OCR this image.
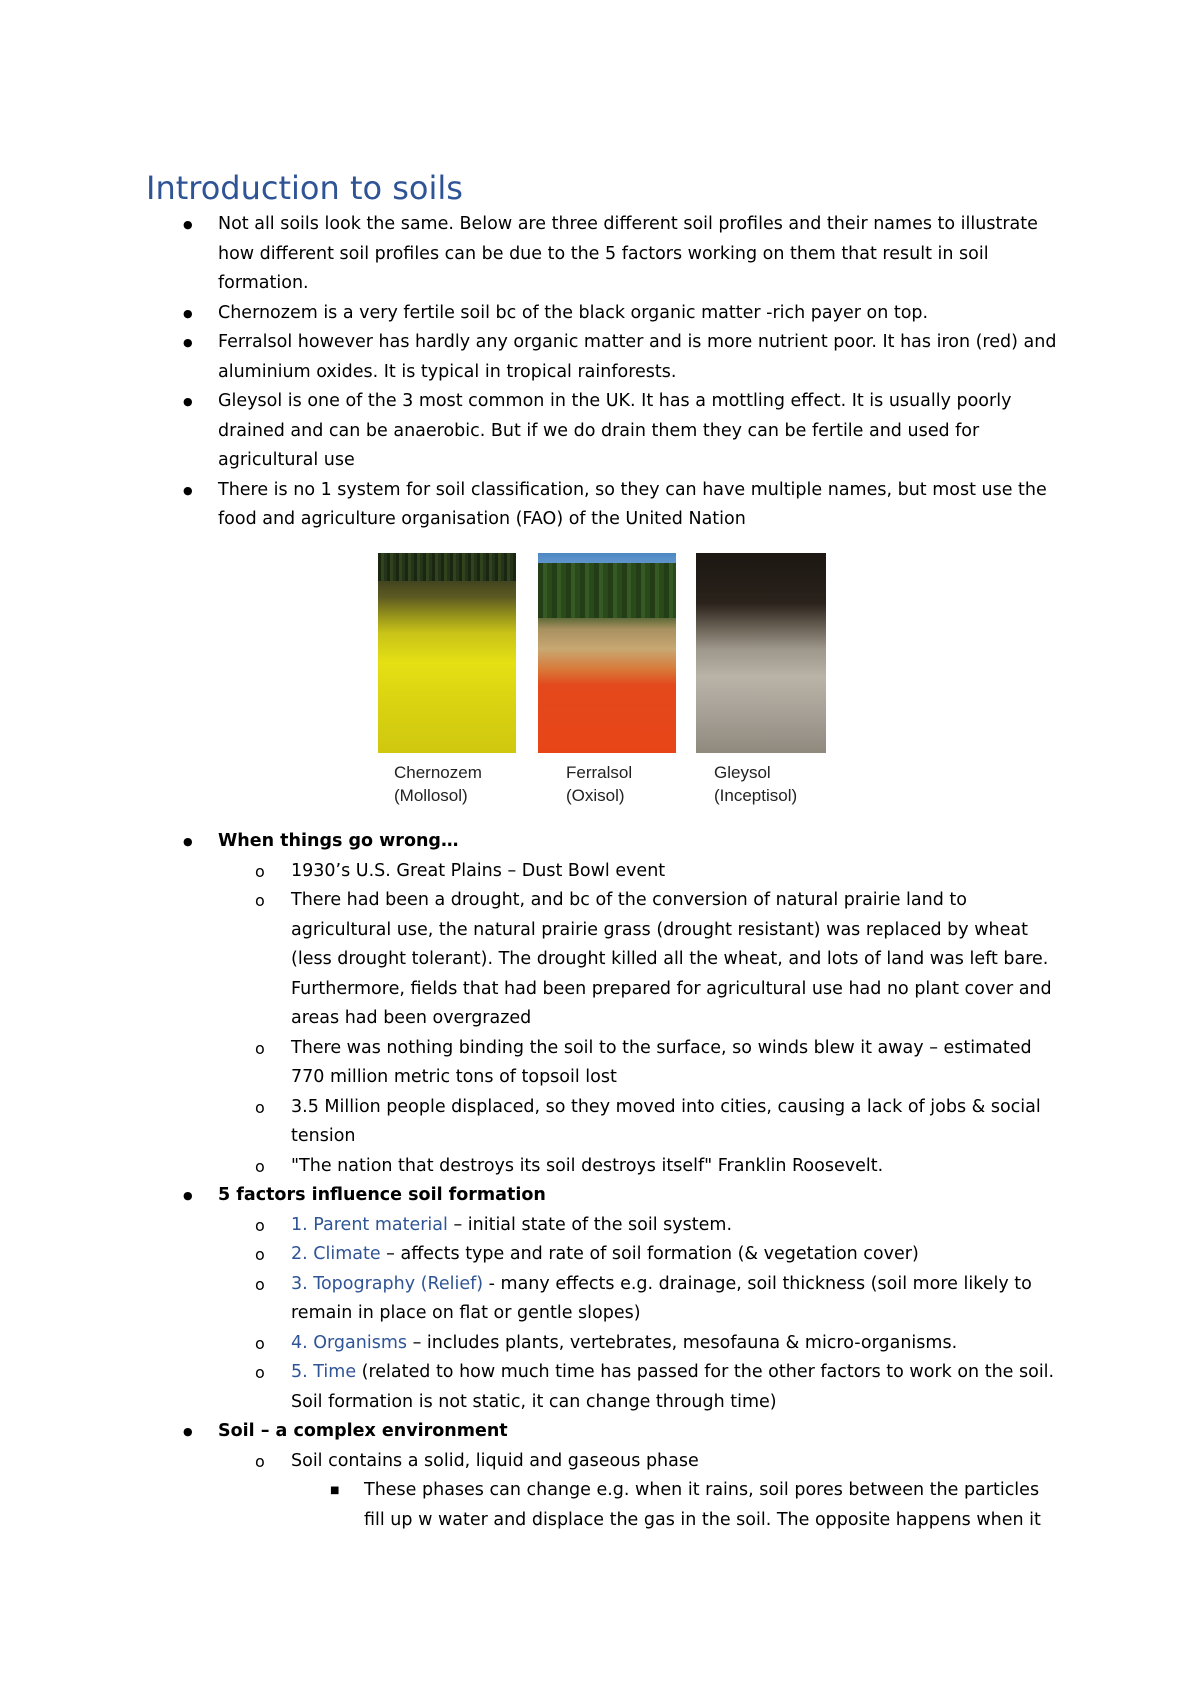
Introduction to soils
● Not all soils look the same. Below are three different soil profiles and their names to illustrate how different soil profiles can be due to the 5 factors working on them that result in soil formation.
● Chernozem is a very fertile soil bc of the black organic matter -rich payer on top.
● Ferralsol however has hardly any organic matter and is more nutrient poor. It has iron (red) and aluminium oxides. It is typical in tropical rainforests.
● Gleysol is one of the 3 most common in the UK. It has a mottling effect. It is usually poorly drained and can be anaerobic. But if we do drain them they can be fertile and used for agricultural use
● There is no 1 system for soil classification, so they can have multiple names, but most use the food and agriculture organisation (FAO) of the United Nation
Chernozem
(Mollosol)
Ferralsol
(Oxisol)
Gleysol
(Inceptisol)
● When things go wrong…
o 1930’s U.S. Great Plains – Dust Bowl event
o There had been a drought, and bc of the conversion of natural prairie land to agricultural use, the natural prairie grass (drought resistant) was replaced by wheat (less drought tolerant). The drought killed all the wheat, and lots of land was left bare. Furthermore, fields that had been prepared for agricultural use had no plant cover and areas had been overgrazed
o There was nothing binding the soil to the surface, so winds blew it away – estimated 770 million metric tons of topsoil lost
o 3.5 Million people displaced, so they moved into cities, causing a lack of jobs & social tension
o "The nation that destroys its soil destroys itself" Franklin Roosevelt.
● 5 factors influence soil formation
o 1. Parent material – initial state of the soil system.
o 2. Climate – affects type and rate of soil formation (& vegetation cover)
o 3. Topography (Relief) - many effects e.g. drainage, soil thickness (soil more likely to remain in place on flat or gentle slopes)
o 4. Organisms – includes plants, vertebrates, mesofauna & micro-organisms.
o 5. Time (related to how much time has passed for the other factors to work on the soil. Soil formation is not static, it can change through time)
● Soil – a complex environment
o Soil contains a solid, liquid and gaseous phase
■ These phases can change e.g. when it rains, soil pores between the particles fill up w water and displace the gas in the soil. The opposite happens when it
